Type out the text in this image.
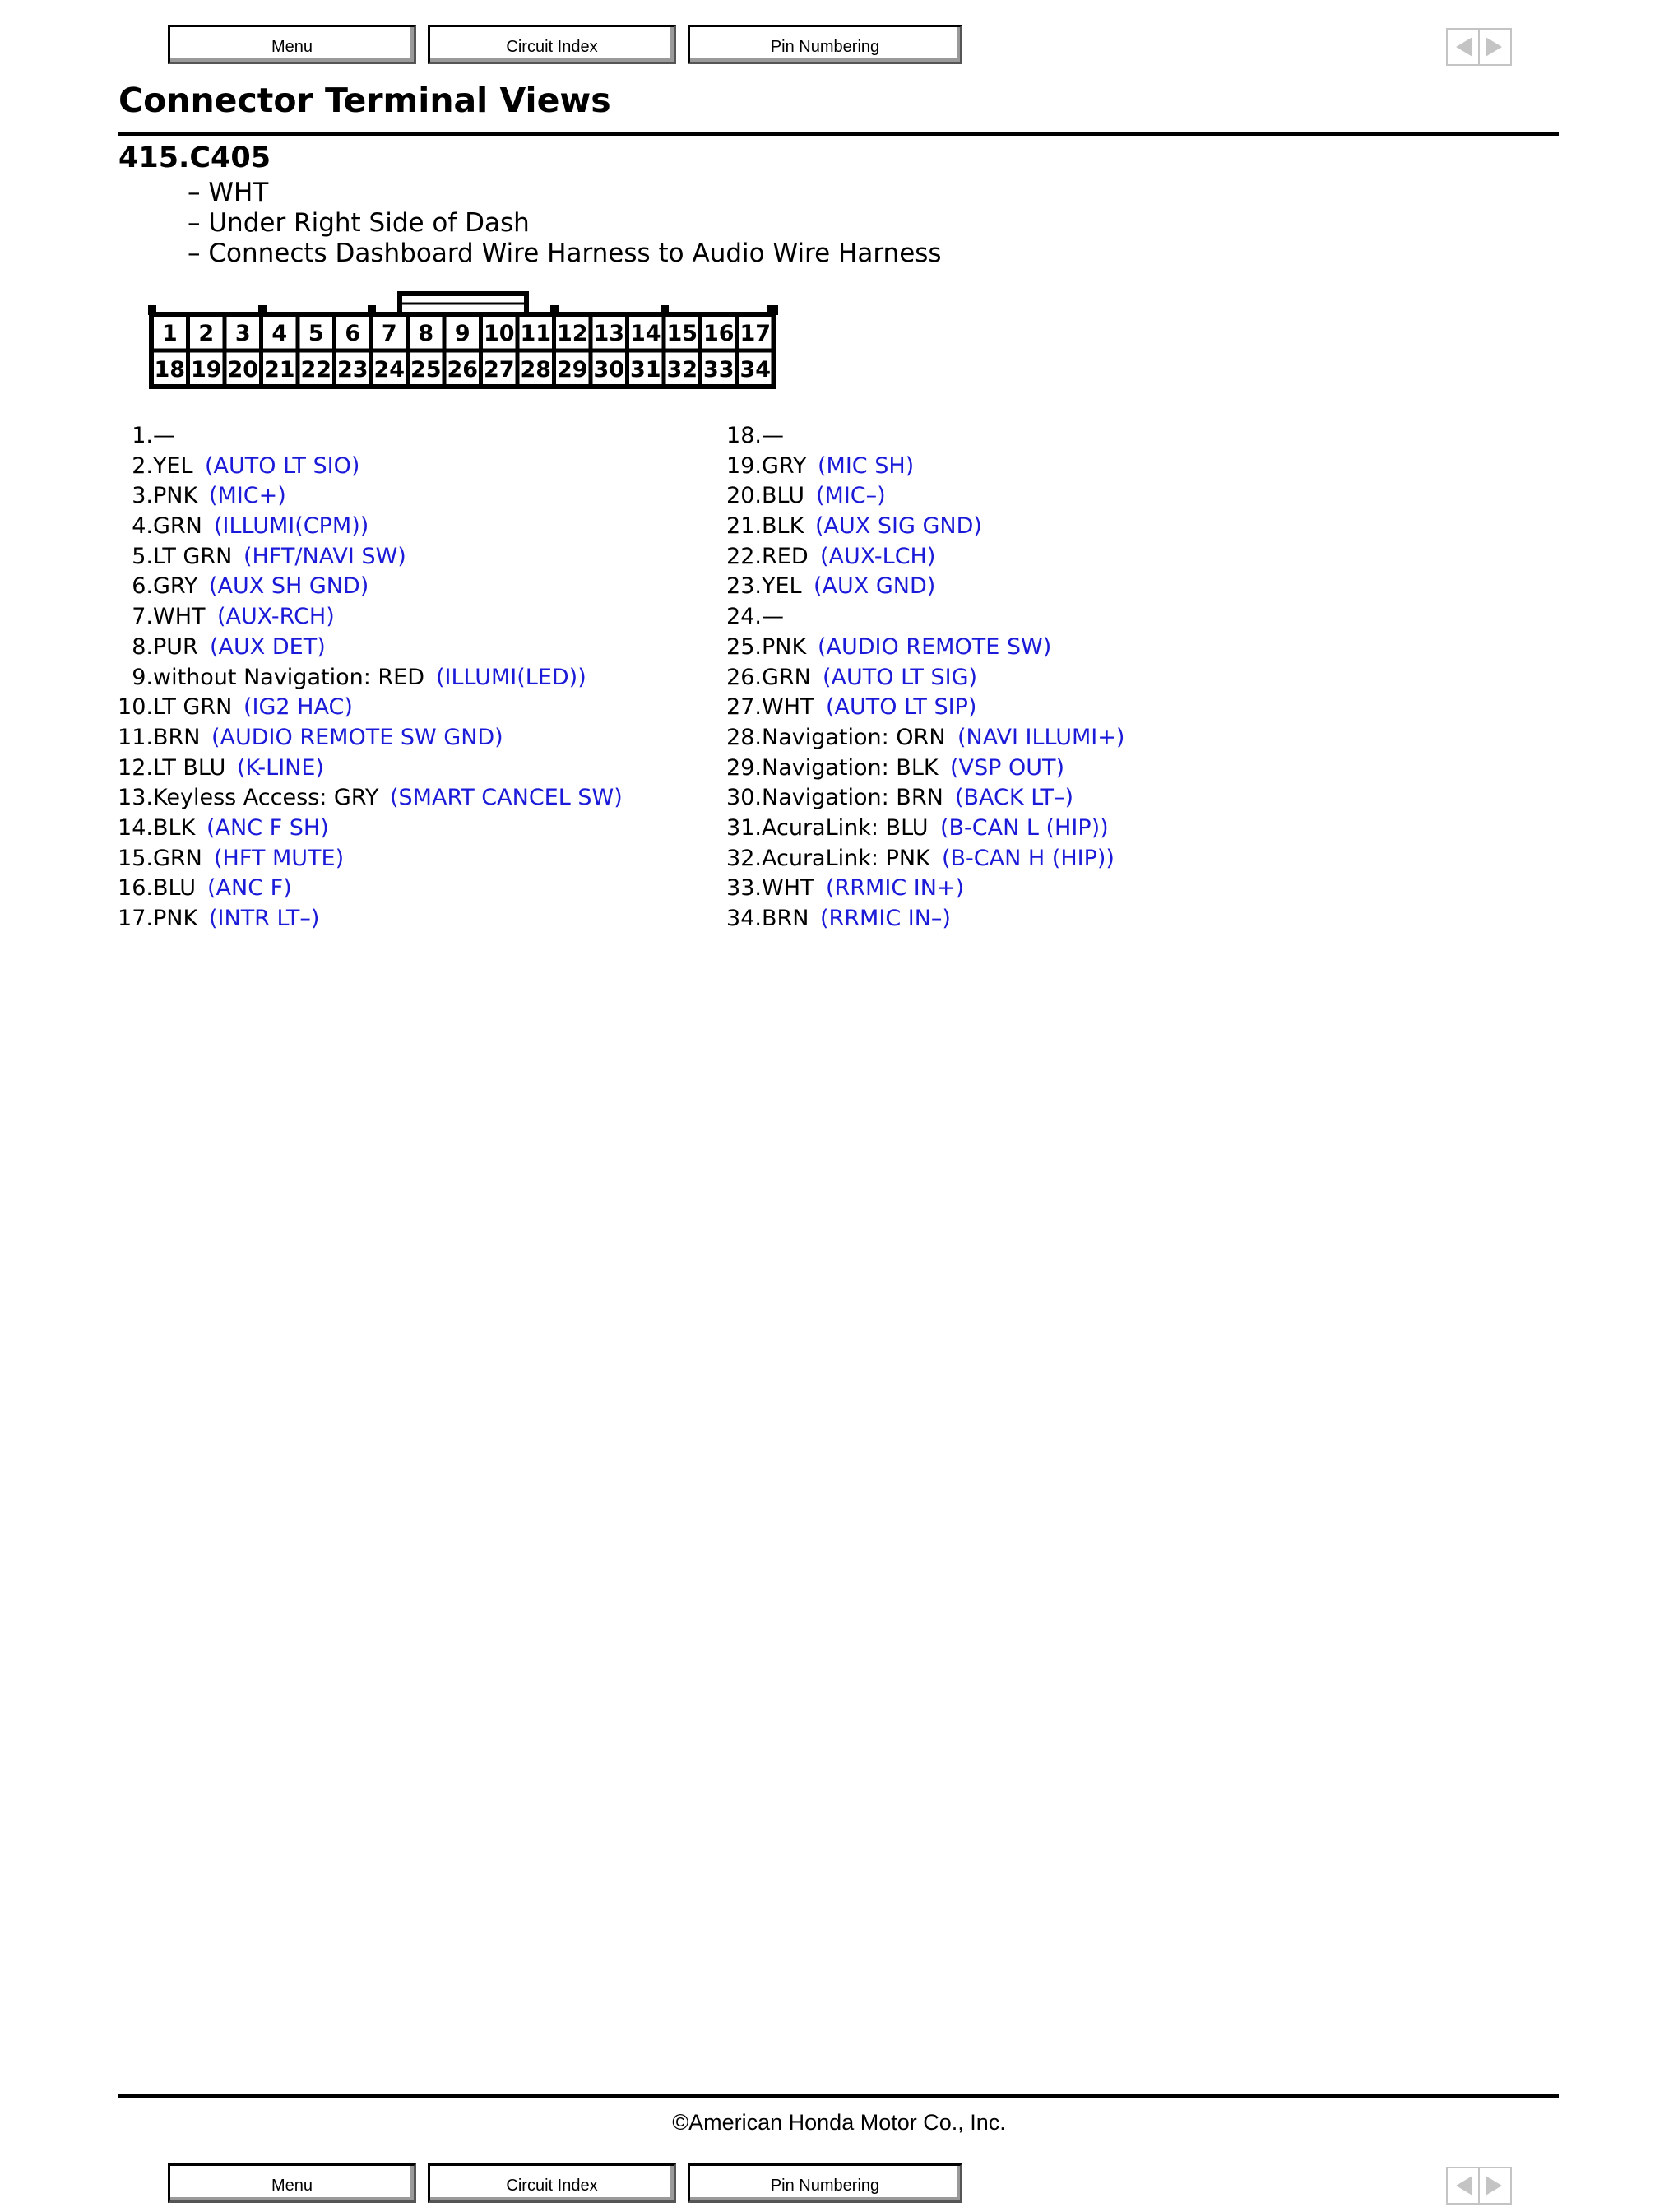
Menu	Circuit Index	Pin Numbering
Connector Terminal Views
415.C405
– WHT
– Under Right Side of Dash
– Connects Dashboard Wire Harness to Audio Wire Harness
1 2 3 4 5 6 7 8 9 10 11 12 13 14 15 16 17
18 19 20 21 22 23 24 25 26 27 28 29 30 31 32 33 34
1. —
2. YEL (AUTO LT SIO)
3. PNK (MIC+)
4. GRN (ILLUMI(CPM))
5. LT GRN (HFT/NAVI SW)
6. GRY (AUX SH GND)
7. WHT (AUX-RCH)
8. PUR (AUX DET)
9. without Navigation: RED (ILLUMI(LED))
10. LT GRN (IG2 HAC)
11. BRN (AUDIO REMOTE SW GND)
12. LT BLU (K-LINE)
13. Keyless Access: GRY (SMART CANCEL SW)
14. BLK (ANC F SH)
15. GRN (HFT MUTE)
16. BLU (ANC F)
17. PNK (INTR LT–)
18. —
19. GRY (MIC SH)
20. BLU (MIC–)
21. BLK (AUX SIG GND)
22. RED (AUX-LCH)
23. YEL (AUX GND)
24. —
25. PNK (AUDIO REMOTE SW)
26. GRN (AUTO LT SIG)
27. WHT (AUTO LT SIP)
28. Navigation: ORN (NAVI ILLUMI+)
29. Navigation: BLK (VSP OUT)
30. Navigation: BRN (BACK LT–)
31. AcuraLink: BLU (B-CAN L (HIP))
32. AcuraLink: PNK (B-CAN H (HIP))
33. WHT (RRMIC IN+)
34. BRN (RRMIC IN–)
©American Honda Motor Co., Inc.
Menu	Circuit Index	Pin Numbering
